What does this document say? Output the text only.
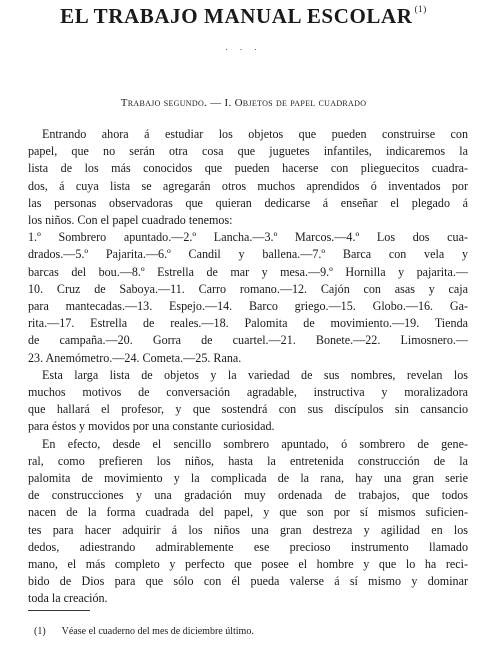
EL TRABAJO MANUAL ESCOLAR $^{(1)}$
. . .
Trabajo segundo. — I. Objetos de papel cuadrado

Entrando ahora á estudiar los objetos que pueden construirse con
papel, que no serán otra cosa que juguetes infantiles, indicaremos la
lista de los más conocidos que pueden hacerse con plieguecitos cuadra-
dos, á cuya lista se agregarán otros muchos aprendidos ó inventados por
las personas observadoras que quieran dedicarse á enseñar el plegado á
los niños. Con el papel cuadrado tenemos:

1.º Sombrero apuntado.—2.º Lancha.—3.º Marcos.—4.º Los dos cua-
drados.—5.º Pajarita.—6.º Candil y ballena.—7.º Barca con vela y
barcas del bou.—8.º Estrella de mar y mesa.—9.º Hornilla y pajarita.—
10. Cruz de Saboya.—11. Carro romano.—12. Cajón con asas y caja
para mantecadas.—13. Espejo.—14. Barco griego.—15. Globo.—16. Ga-
rita.—17. Estrella de reales.—18. Palomita de movimiento.—19. Tienda
de campaña.—20. Gorra de cuartel.—21. Bonete.—22. Limosnero.—
23. Anemómetro.—24. Cometa.—25. Rana.

Esta larga lista de objetos y la variedad de sus nombres, revelan los
muchos motivos de conversación agradable, instructiva y moralizadora
que hallará el profesor, y que sostendrá con sus discípulos sin cansancio
para éstos y movidos por una constante curiosidad.

En efecto, desde el sencillo sombrero apuntado, ó sombrero de gene-
ral, como prefieren los niños, hasta la entretenida construcción de la
palomita de movimiento y la complicada de la rana, hay una gran serie
de construcciones y una gradación muy ordenada de trabajos, que todos
nacen de la forma cuadrada del papel, y que son por sí mismos suficien-
tes para hacer adquirir á los niños una gran destreza y agilidad en los
dedos, adiestrando admirablemente ese precioso instrumento llamado
mano, el más completo y perfecto que posee el hombre y que lo ha reci-
bido de Dios para que sólo con él pueda valerse á sí mismo y dominar
toda la creación.

(1) Véase el cuaderno del mes de diciembre último.
